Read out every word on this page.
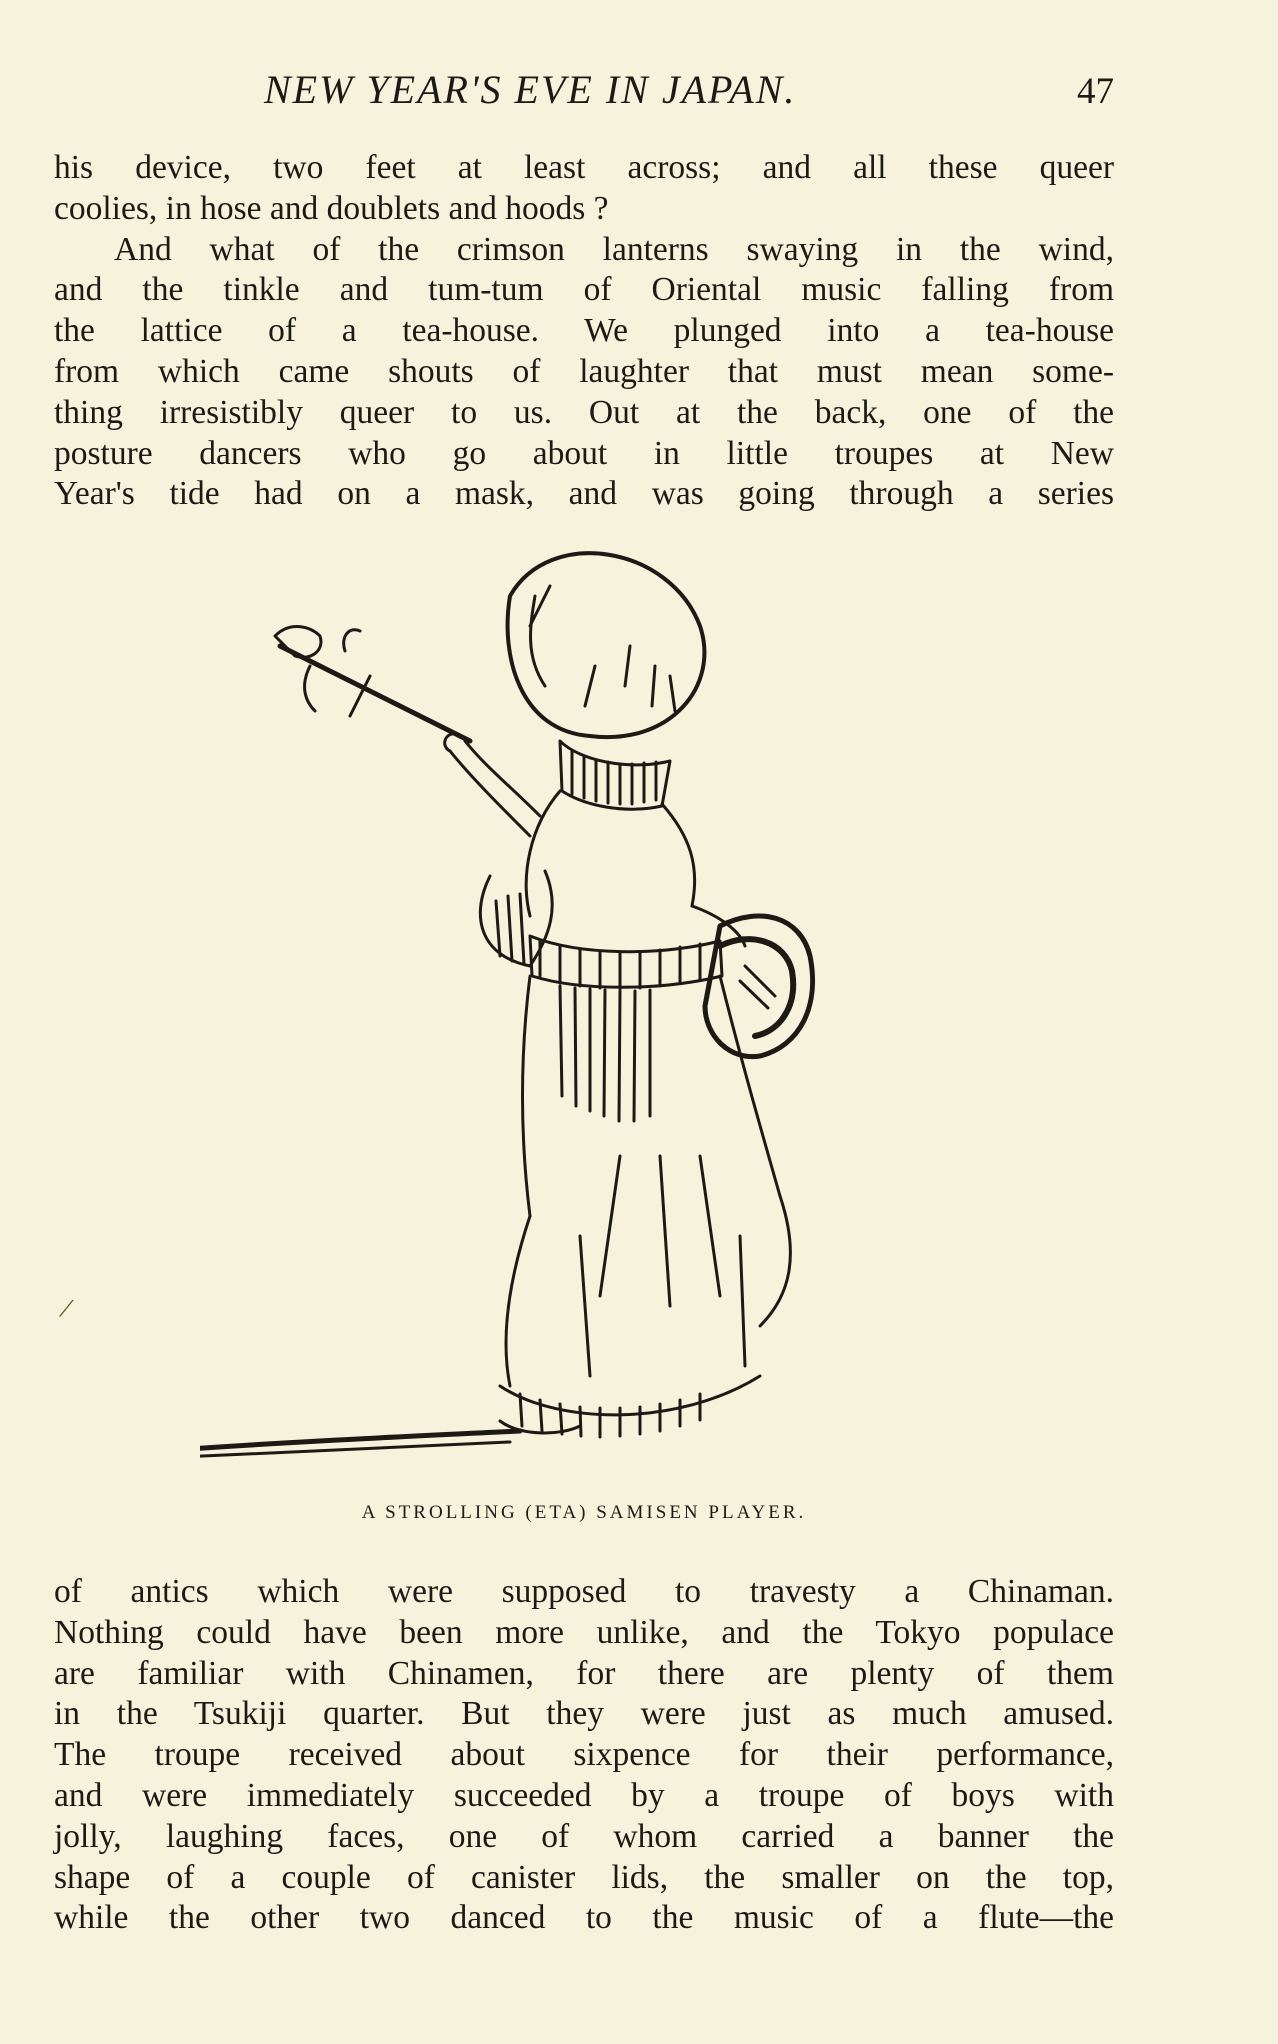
NEW YEAR'S EVE IN JAPAN.	47
his device, two feet at least across; and all these queer
coolies, in hose and doublets and hoods ?
And what of the crimson lanterns swaying in the wind,
and the tinkle and tum-tum of Oriental music falling from
the lattice of a tea-house. We plunged into a tea-house
from which came shouts of laughter that must mean some-
thing irresistibly queer to us. Out at the back, one of the
posture dancers who go about in little troupes at New
Year's tide had on a mask, and was going through a series
A STROLLING (ETA) SAMISEN PLAYER.
/
of antics which were supposed to travesty a Chinaman.
Nothing could have been more unlike, and the Tokyo populace
are familiar with Chinamen, for there are plenty of them
in the Tsukiji quarter. But they were just as much amused.
The troupe received about sixpence for their performance,
and were immediately succeeded by a troupe of boys with
jolly, laughing faces, one of whom carried a banner the
shape of a couple of canister lids, the smaller on the top,
while the other two danced to the music of a flute—the
